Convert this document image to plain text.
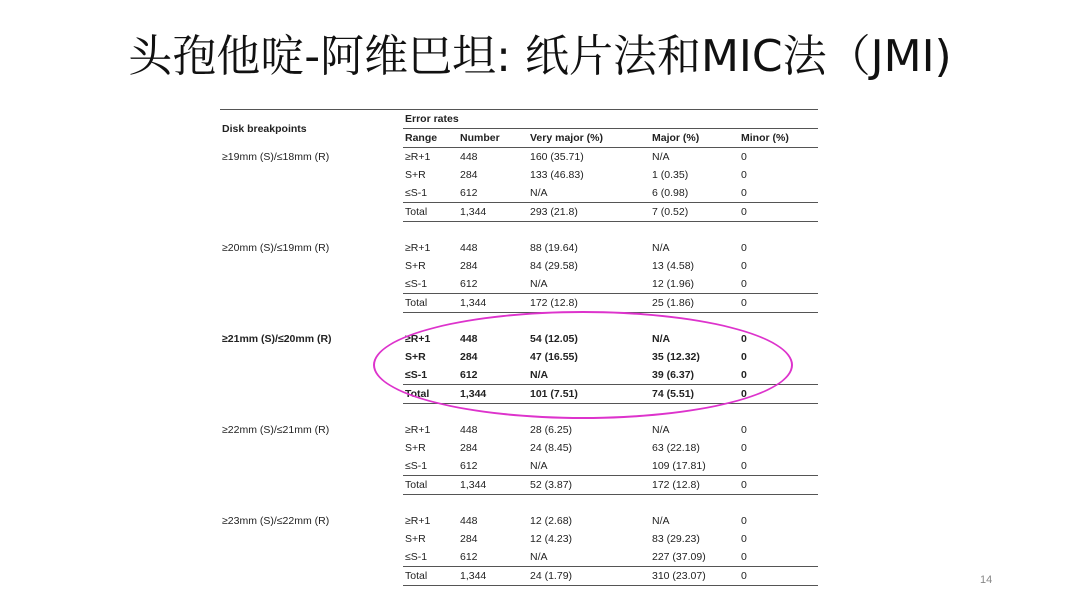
头孢他啶-阿维巴坦: 纸片法和MIC法（JMI)

Disk breakpoints	Error rates				
	Range	Number	Very major (%)	Major (%)	Minor (%)
≥19mm (S)/≤18mm (R)	≥R+1	448	160 (35.71)	N/A	0
	S+R	284	133 (46.83)	1 (0.35)	0
	≤S-1	612	N/A	6 (0.98)	0
	Total	1,344	293 (21.8)	7 (0.52)	0

≥20mm (S)/≤19mm (R)	≥R+1	448	88 (19.64)	N/A	0
	S+R	284	84 (29.58)	13 (4.58)	0
	≤S-1	612	N/A	12 (1.96)	0
	Total	1,344	172 (12.8)	25 (1.86)	0

≥21mm (S)/≤20mm (R)	≥R+1	448	54 (12.05)	N/A	0
	S+R	284	47 (16.55)	35 (12.32)	0
	≤S-1	612	N/A	39 (6.37)	0
	Total	1,344	101 (7.51)	74 (5.51)	0

≥22mm (S)/≤21mm (R)	≥R+1	448	28 (6.25)	N/A	0
	S+R	284	24 (8.45)	63 (22.18)	0
	≤S-1	612	N/A	109 (17.81)	0
	Total	1,344	52 (3.87)	172 (12.8)	0

≥23mm (S)/≤22mm (R)	≥R+1	448	12 (2.68)	N/A	0
	S+R	284	12 (4.23)	83 (29.23)	0
	≤S-1	612	N/A	227 (37.09)	0
	Total	1,344	24 (1.79)	310 (23.07)	0	14
